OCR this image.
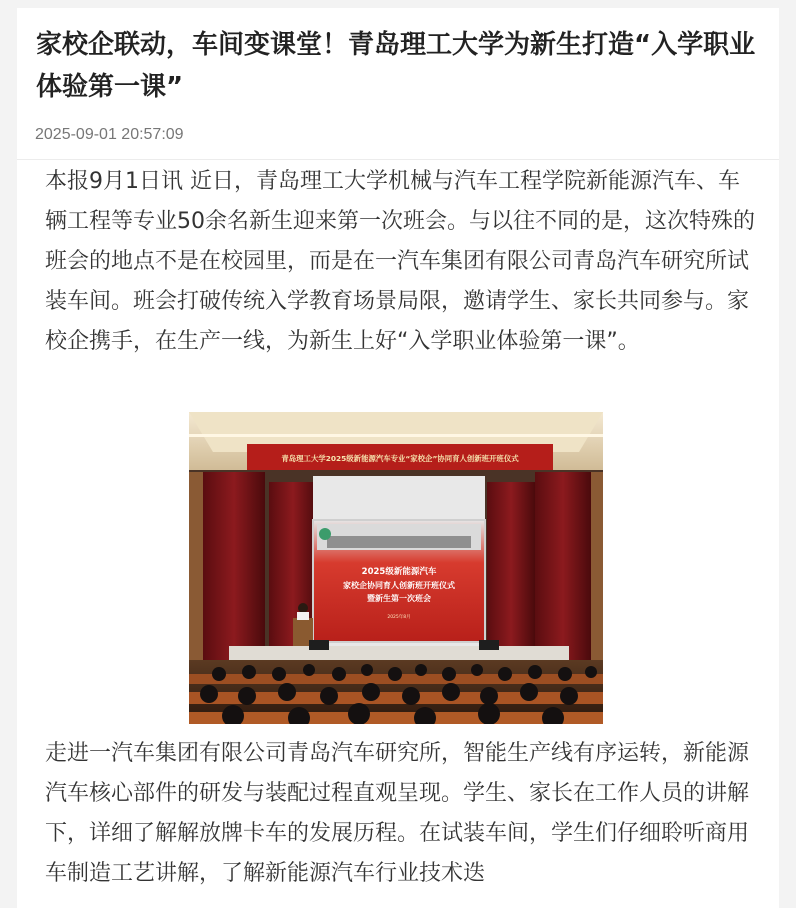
家校企联动，车间变课堂！青岛理工大学为新生打造“入学职业体验第一课”
2025-09-01 20:57:09

本报9月1日讯 近日，青岛理工大学机械与汽车工程学院新能源汽车、车辆工程等专业50余名新生迎来第一次班会。与以往不同的是，这次特殊的班会的地点不是在校园里，而是在一汽车集团有限公司青岛汽车研究所试装车间。班会打破传统入学教育场景局限，邀请学生、家长共同参与。家校企携手，在生产一线，为新生上好“入学职业体验第一课”。

青岛理工大学2025级新能源汽车专业“家校企”协同育人创新班开班仪式
2025级新能源汽车
家校企协同育人创新班开班仪式
暨新生第一次班会
2025年8月

走进一汽车集团有限公司青岛汽车研究所，智能生产线有序运转，新能源汽车核心部件的研发与装配过程直观呈现。学生、家长在工作人员的讲解下，详细了解解放牌卡车的发展历程。在试装车间，学生们仔细聆听商用车制造工艺讲解，了解新能源汽车行业技术迭
